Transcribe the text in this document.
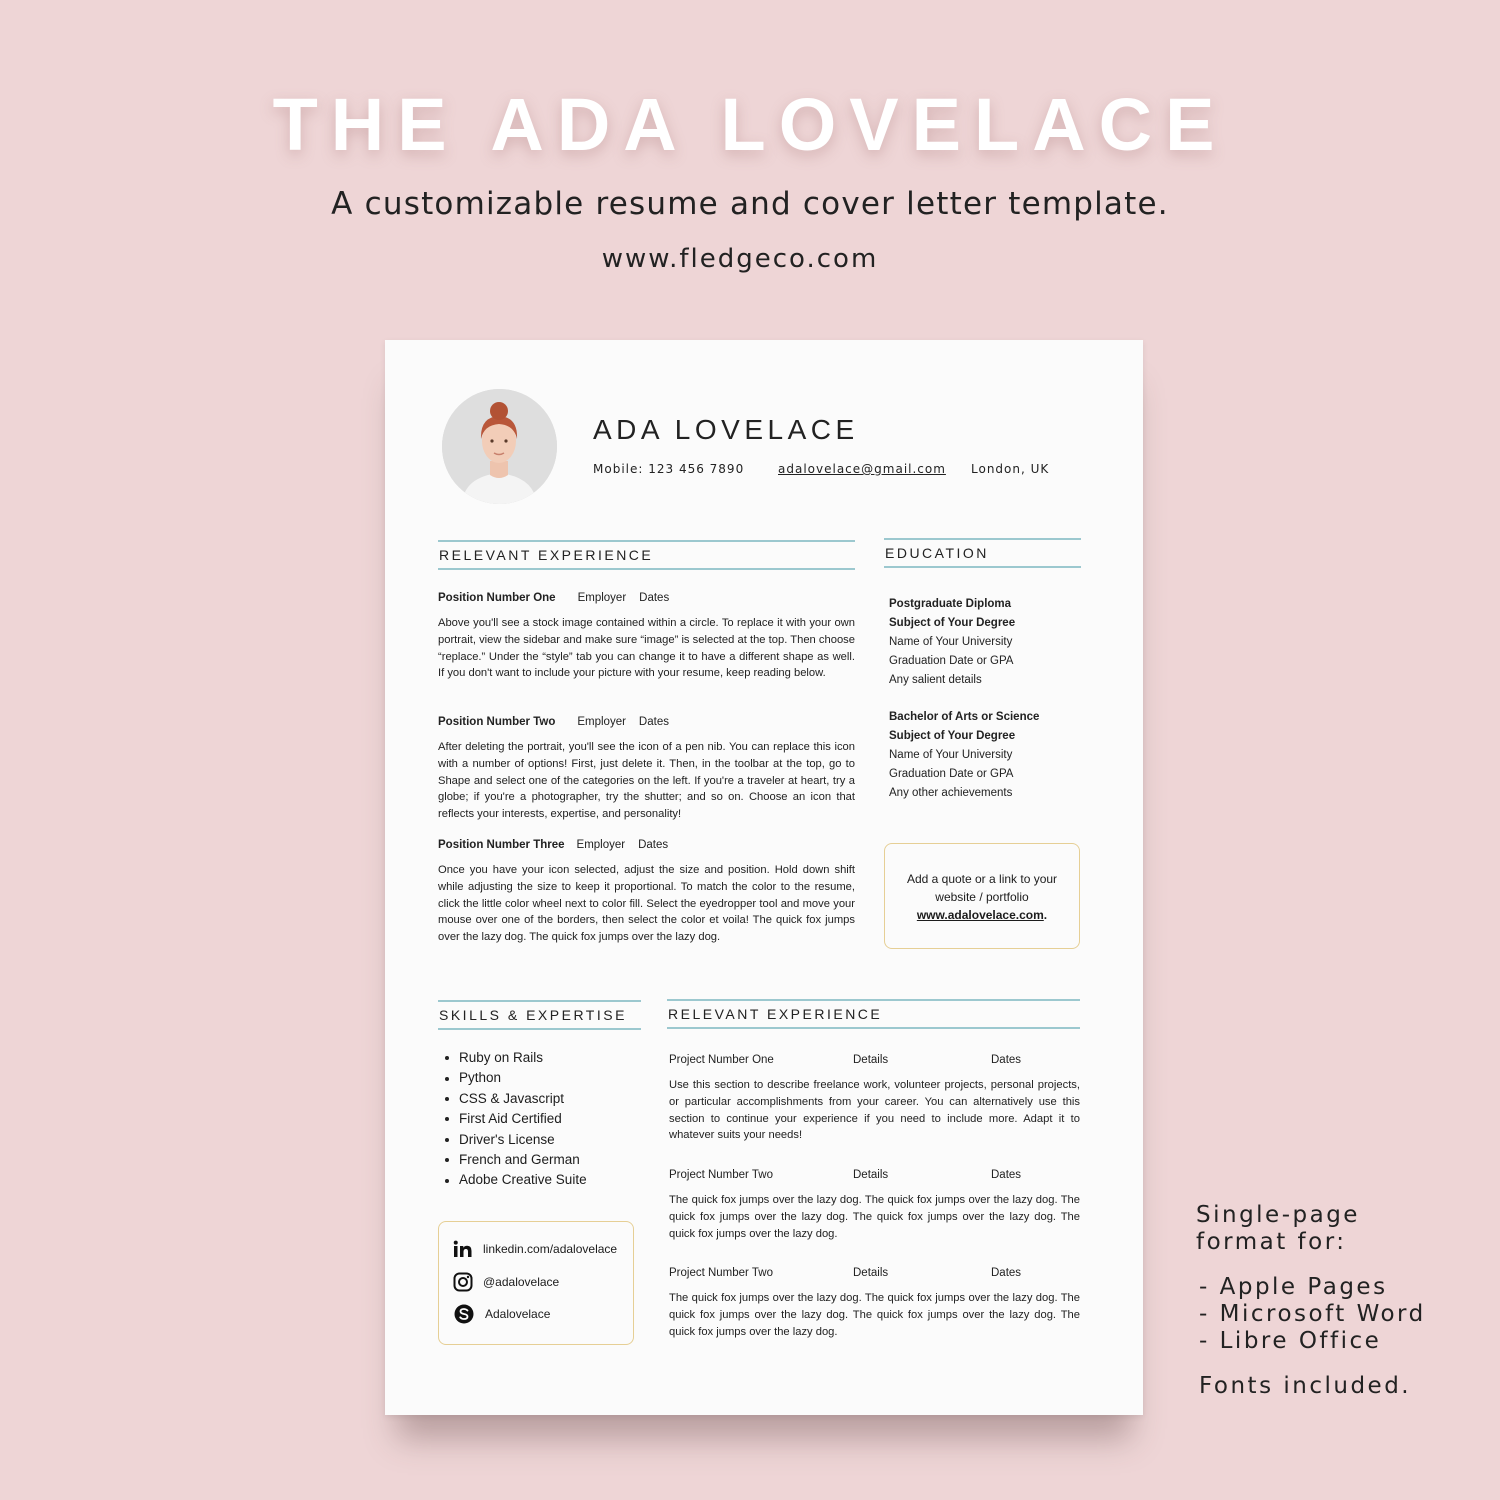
THE ADA LOVELACE
A customizable resume and cover letter template.
www.fledgeco.com
ADA LOVELACE
Mobile: 123 456 7890	adalovelace@gmail.com London, UK
RELEVANT EXPERIENCE
Position Number One Employer Dates
Above you'll see a stock image contained within a circle. To replace it with your own portrait, view the sidebar and make sure “image” is selected at the top. Then choose “replace.” Under the “style” tab you can change it to have a different shape as well. If you don't want to include your picture with your resume, keep reading below.
Position Number Two Employer Dates
After deleting the portrait, you'll see the icon of a pen nib. You can replace this icon with a number of options! First, just delete it. Then, in the toolbar at the top, go to Shape and select one of the categories on the left. If you're a traveler at heart, try a globe; if you're a photographer, try the shutter; and so on. Choose an icon that reflects your interests, expertise, and personality!
Position Number Three Employer Dates
Once you have your icon selected, adjust the size and position. Hold down shift while adjusting the size to keep it proportional. To match the color to the resume, click the little color wheel next to color fill. Select the eyedropper tool and move your mouse over one of the borders, then select the color et voila! The quick fox jumps over the lazy dog. The quick fox jumps over the lazy dog.
EDUCATION
Postgraduate Diploma
Subject of Your Degree
Name of Your University
Graduation Date or GPA
Any salient details
Bachelor of Arts or Science
Subject of Your Degree
Name of Your University
Graduation Date or GPA
Any other achievements
Add a quote or a link to your
website / portfolio
www.adalovelace.com.
SKILLS & EXPERTISE
Ruby on Rails
Python
CSS & Javascript
First Aid Certified
Driver's License
French and German
Adobe Creative Suite
linkedin.com/adalovelace
@adalovelace
Adalovelace
RELEVANT EXPERIENCE
Project Number One	Details	Dates
Use this section to describe freelance work, volunteer projects, personal projects, or particular accomplishments from your career. You can alternatively use this section to continue your experience if you need to include more. Adapt it to whatever suits your needs!
Project Number Two	Details	Dates
The quick fox jumps over the lazy dog. The quick fox jumps over the lazy dog. The quick fox jumps over the lazy dog. The quick fox jumps over the lazy dog. The quick fox jumps over the lazy dog.
Project Number Two	Details	Dates
The quick fox jumps over the lazy dog. The quick fox jumps over the lazy dog. The quick fox jumps over the lazy dog. The quick fox jumps over the lazy dog. The quick fox jumps over the lazy dog.
Single-page
format for:
- Apple Pages
- Microsoft Word
- Libre Office
Fonts included.
